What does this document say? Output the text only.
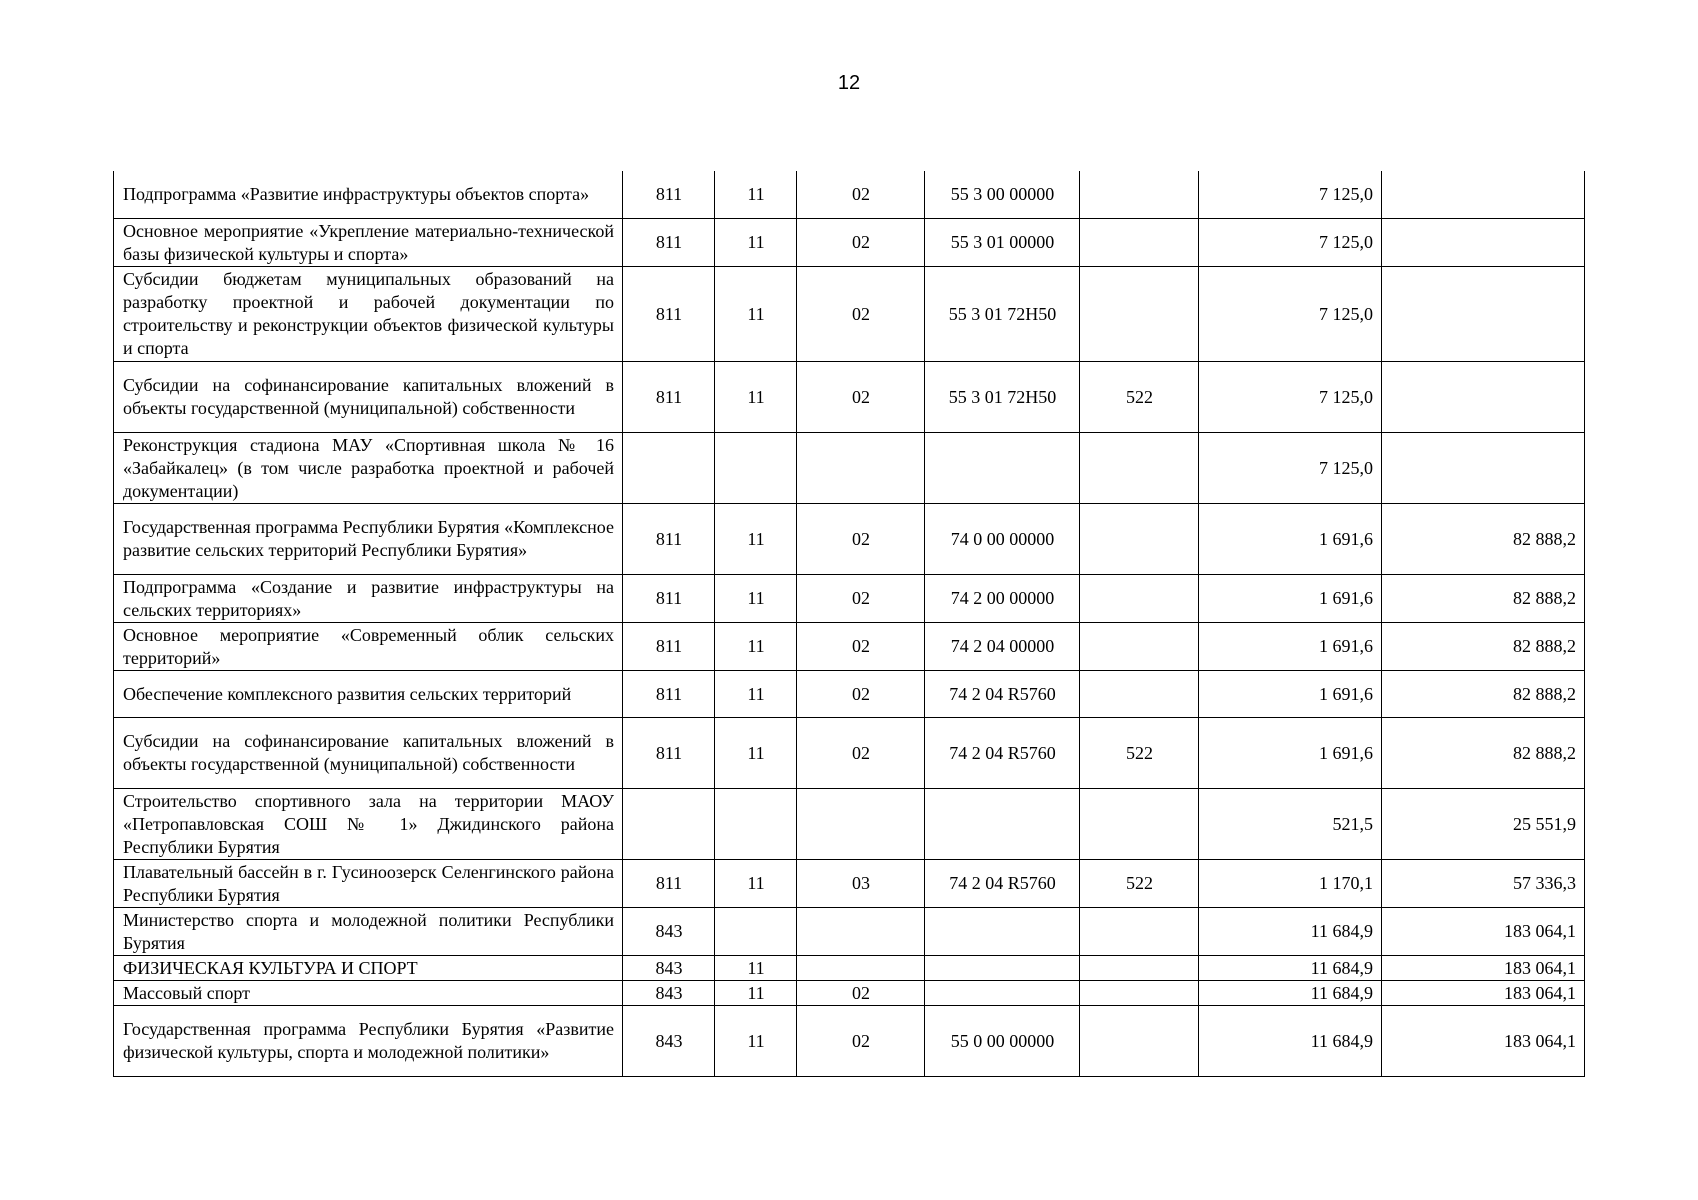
12
Подпрограмма «Развитие инфраструктуры объектов спорта»	811	11	02	55 3 00 00000		7 125,0	
Основное мероприятие «Укрепление материально-технической базы физической культуры и спорта»	811	11	02	55 3 01 00000		7 125,0	
Субсидии бюджетам муниципальных образований на разработку проектной и рабочей документации по строительству и реконструкции объектов физической культуры и спорта	811	11	02	55 3 01 72Н50		7 125,0	
Субсидии на софинансирование капитальных вложений в объекты государственной (муниципальной) собственности	811	11	02	55 3 01 72Н50	522	7 125,0	
Реконструкция стадиона МАУ «Спортивная школа № 16 «Забайкалец» (в том числе разработка проектной и рабочей документации)						7 125,0	
Государственная программа Республики Бурятия «Комплексное развитие сельских территорий Республики Бурятия»	811	11	02	74 0 00 00000		1 691,6	82 888,2
Подпрограмма «Создание и развитие инфраструктуры на сельских территориях»	811	11	02	74 2 00 00000		1 691,6	82 888,2
Основное мероприятие «Современный облик сельских территорий»	811	11	02	74 2 04 00000		1 691,6	82 888,2
Обеспечение комплексного развития сельских территорий	811	11	02	74 2 04 R5760		1 691,6	82 888,2
Субсидии на софинансирование капитальных вложений в объекты государственной (муниципальной) собственности	811	11	02	74 2 04 R5760	522	1 691,6	82 888,2
Строительство спортивного зала на территории МАОУ «Петропавловская СОШ № 1» Джидинского района Республики Бурятия						521,5	25 551,9
Плавательный бассейн в г. Гусиноозерск Селенгинского района Республики Бурятия	811	11	03	74 2 04 R5760	522	1 170,1	57 336,3
Министерство спорта и молодежной политики Республики Бурятия	843					11 684,9	183 064,1
ФИЗИЧЕСКАЯ КУЛЬТУРА И СПОРТ	843	11				11 684,9	183 064,1
Массовый спорт	843	11	02			11 684,9	183 064,1
Государственная программа Республики Бурятия «Развитие физической культуры, спорта и молодежной политики»	843	11	02	55 0 00 00000		11 684,9	183 064,1
